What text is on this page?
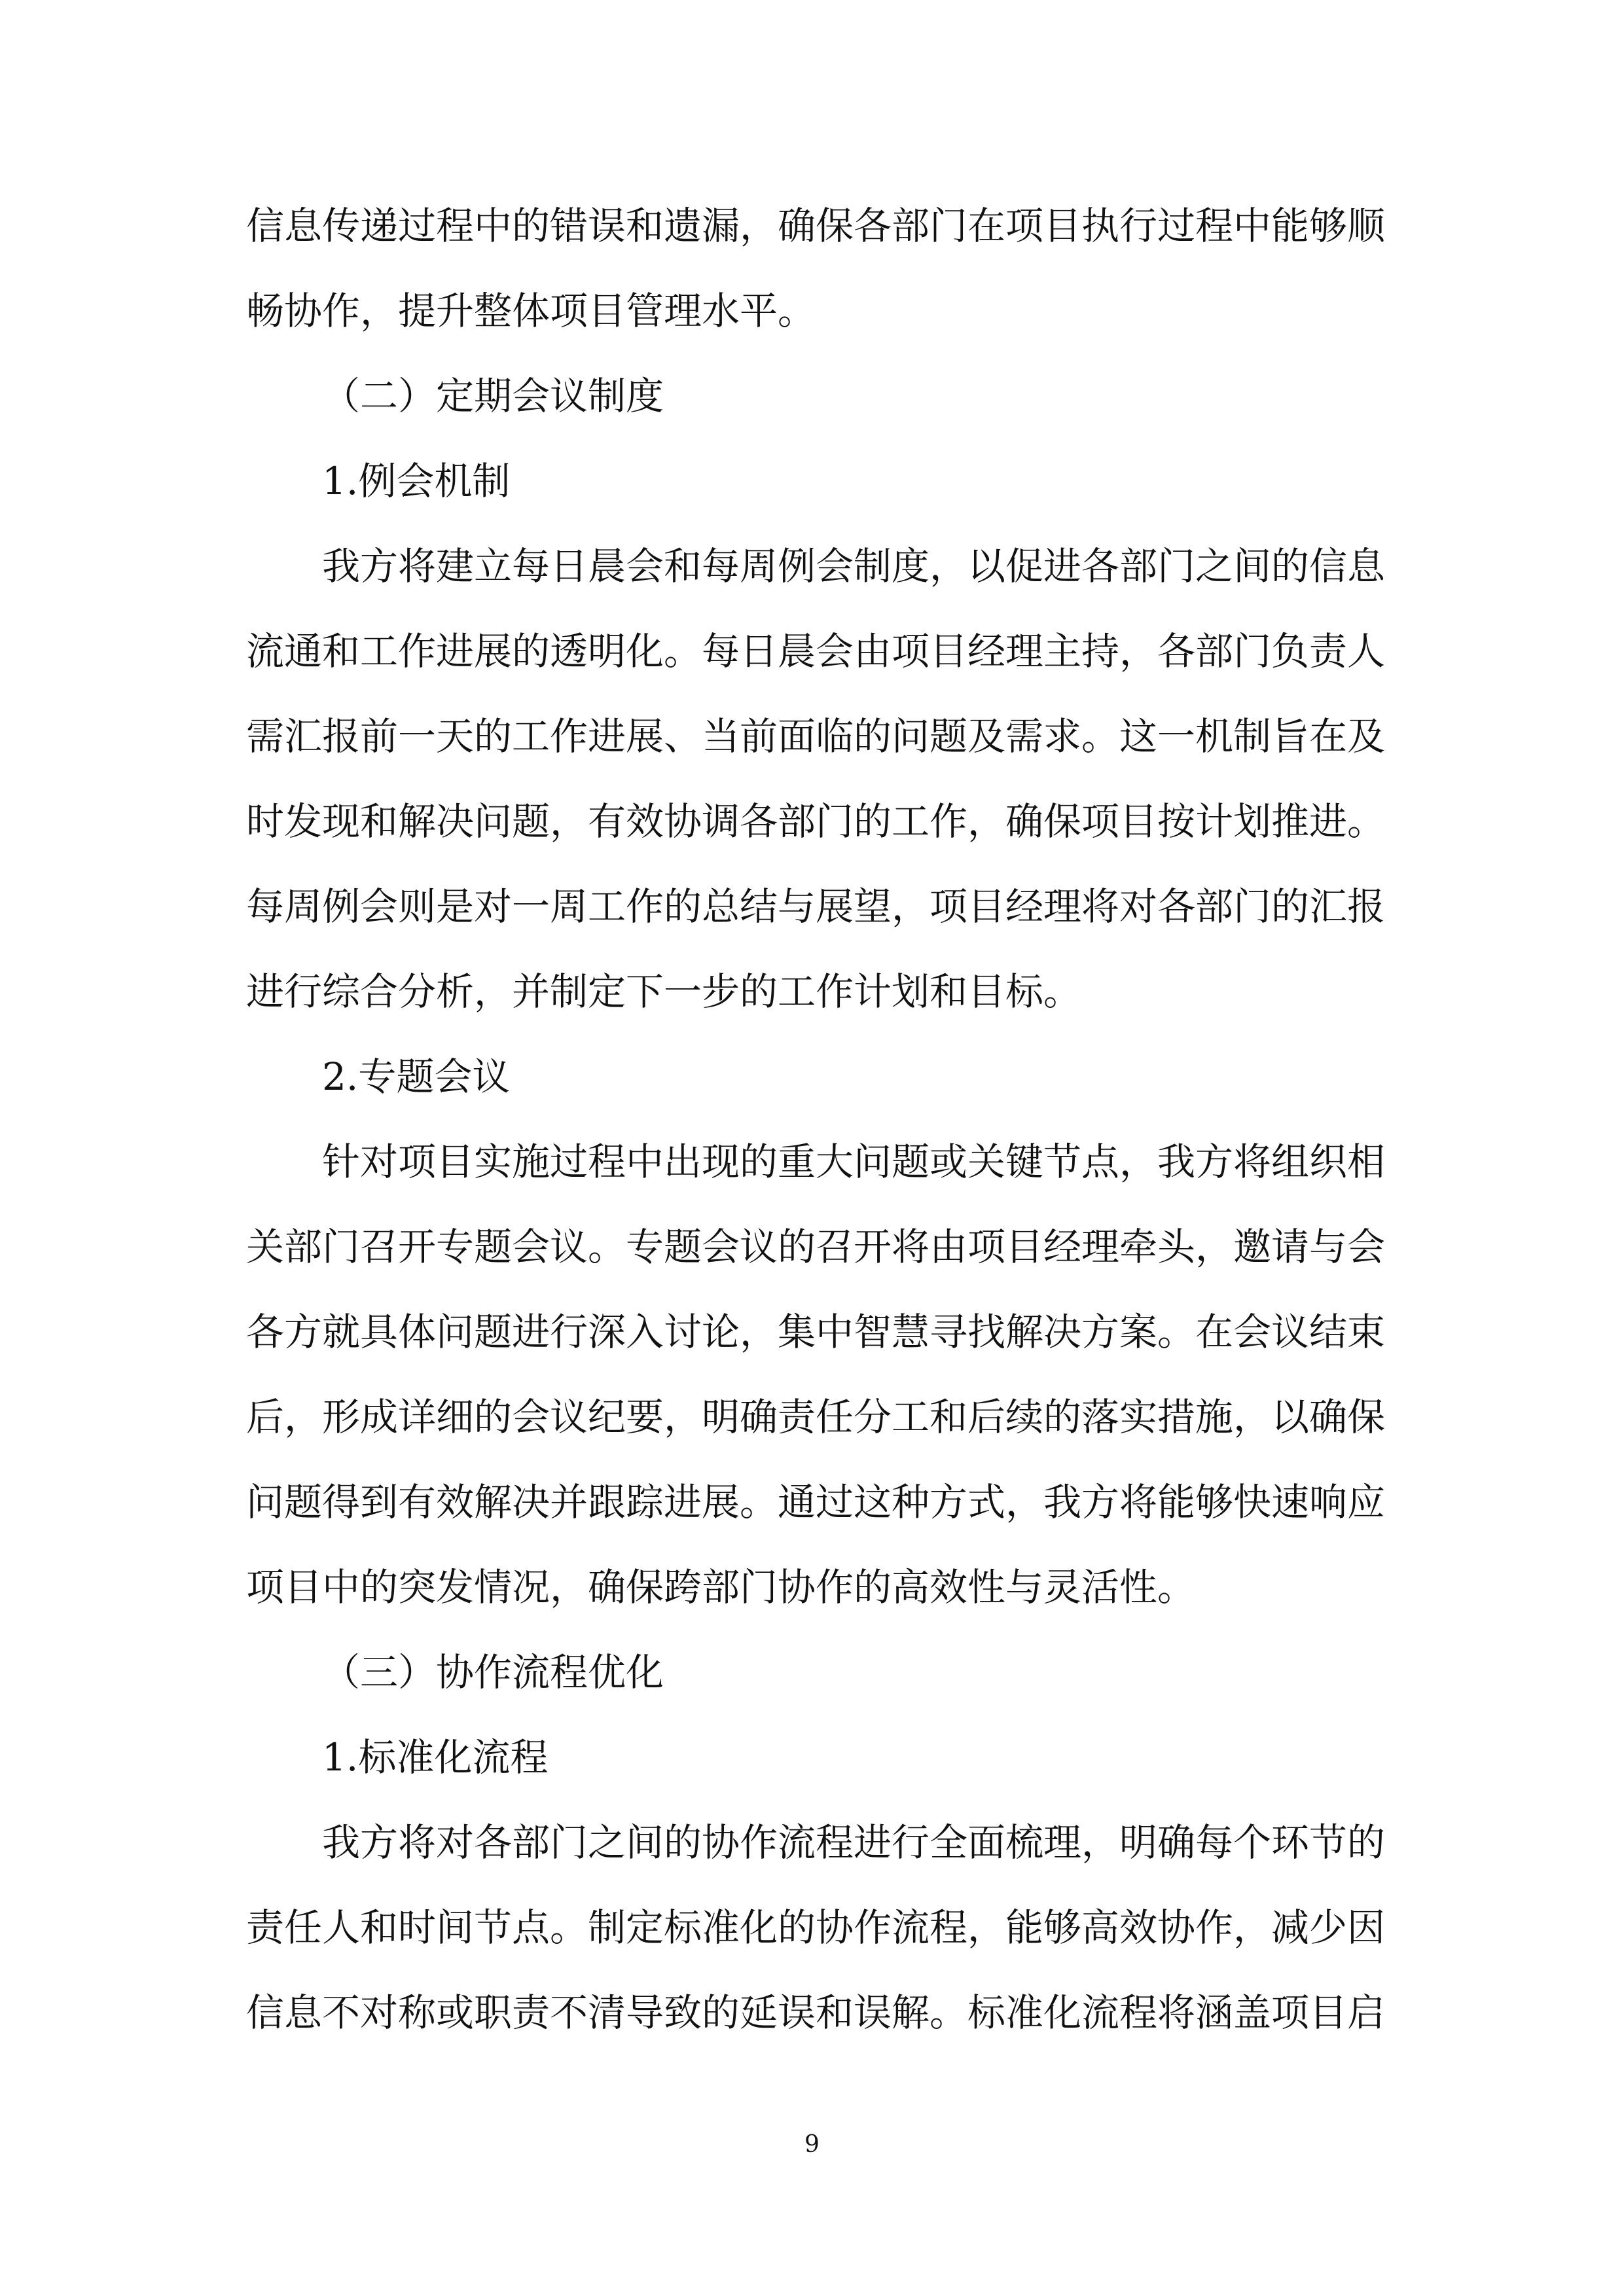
信息传递过程中的错误和遗漏，确保各部门在项目执行过程中能够顺
畅协作，提升整体项目管理水平。
（二）定期会议制度
1.例会机制
我方将建立每日晨会和每周例会制度，以促进各部门之间的信息
流通和工作进展的透明化。每日晨会由项目经理主持，各部门负责人
需汇报前一天的工作进展、当前面临的问题及需求。这一机制旨在及
时发现和解决问题，有效协调各部门的工作，确保项目按计划推进。
每周例会则是对一周工作的总结与展望，项目经理将对各部门的汇报
进行综合分析，并制定下一步的工作计划和目标。
2.专题会议
针对项目实施过程中出现的重大问题或关键节点，我方将组织相
关部门召开专题会议。专题会议的召开将由项目经理牵头，邀请与会
各方就具体问题进行深入讨论，集中智慧寻找解决方案。在会议结束
后，形成详细的会议纪要，明确责任分工和后续的落实措施，以确保
问题得到有效解决并跟踪进展。通过这种方式，我方将能够快速响应
项目中的突发情况，确保跨部门协作的高效性与灵活性。
（三）协作流程优化
1.标准化流程
我方将对各部门之间的协作流程进行全面梳理，明确每个环节的
责任人和时间节点。制定标准化的协作流程，能够高效协作，减少因
信息不对称或职责不清导致的延误和误解。标准化流程将涵盖项目启
9
